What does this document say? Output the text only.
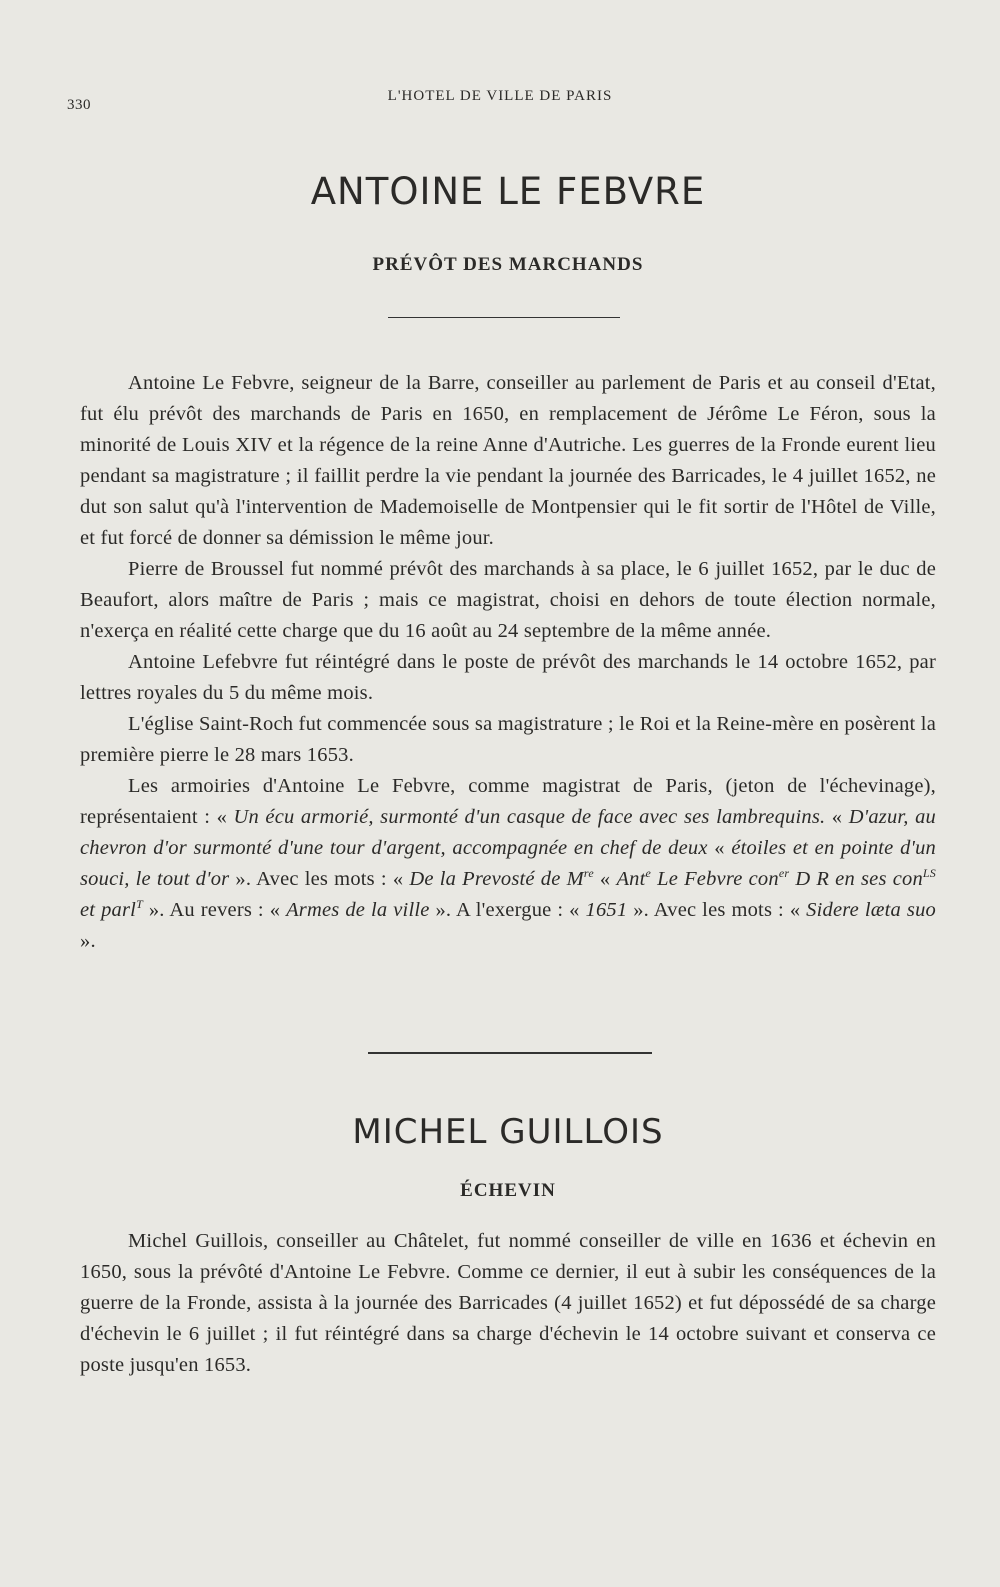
330
L'HOTEL DE VILLE DE PARIS
ANTOINE LE FEBVRE
PRÉVÔT DES MARCHANDS

Antoine Le Febvre, seigneur de la Barre, conseiller au parlement de Paris et au conseil d'Etat, fut élu prévôt des marchands de Paris en 1650, en remplacement de Jérôme Le Féron, sous la minorité de Louis XIV et la régence de la reine Anne d'Autriche. Les guerres de la Fronde eurent lieu pendant sa magistrature ; il faillit perdre la vie pendant la journée des Barricades, le 4 juillet 1652, ne dut son salut qu'à l'intervention de Mademoiselle de Montpensier qui le fit sortir de l'Hôtel de Ville, et fut forcé de donner sa démission le même jour.

Pierre de Broussel fut nommé prévôt des marchands à sa place, le 6 juillet 1652, par le duc de Beaufort, alors maître de Paris ; mais ce magistrat, choisi en dehors de toute élection normale, n'exerça en réalité cette charge que du 16 août au 24 septembre de la même année.

Antoine Lefebvre fut réintégré dans le poste de prévôt des marchands le 14 octobre 1652, par lettres royales du 5 du même mois.

L'église Saint-Roch fut commencée sous sa magistrature ; le Roi et la Reine-mère en posèrent la première pierre le 28 mars 1653.

Les armoiries d'Antoine Le Febvre, comme magistrat de Paris, (jeton de l'échevinage), représentaient : « Un écu armorié, surmonté d'un casque de face avec ses lambrequins. « D'azur, au chevron d'or surmonté d'une tour d'argent, accompagnée en chef de deux « étoiles et en pointe d'un souci, le tout d'or ». Avec les mots : « De la Prevosté de Mre « Ant$^e$ Le Febvre con$^{er}$ D R en ses con$^{LS}$ et parl$^T$ ». Au revers : « Armes de la ville ». A l'exergue : « 1651 ». Avec les mots : « Sidere læta suo ».

MICHEL GUILLOIS
ÉCHEVIN

Michel Guillois, conseiller au Châtelet, fut nommé conseiller de ville en 1636 et échevin en 1650, sous la prévôté d'Antoine Le Febvre. Comme ce dernier, il eut à subir les conséquences de la guerre de la Fronde, assista à la journée des Barricades (4 juillet 1652) et fut dépossédé de sa charge d'échevin le 6 juillet ; il fut réintégré dans sa charge d'échevin le 14 octobre suivant et conserva ce poste jusqu'en 1653.
